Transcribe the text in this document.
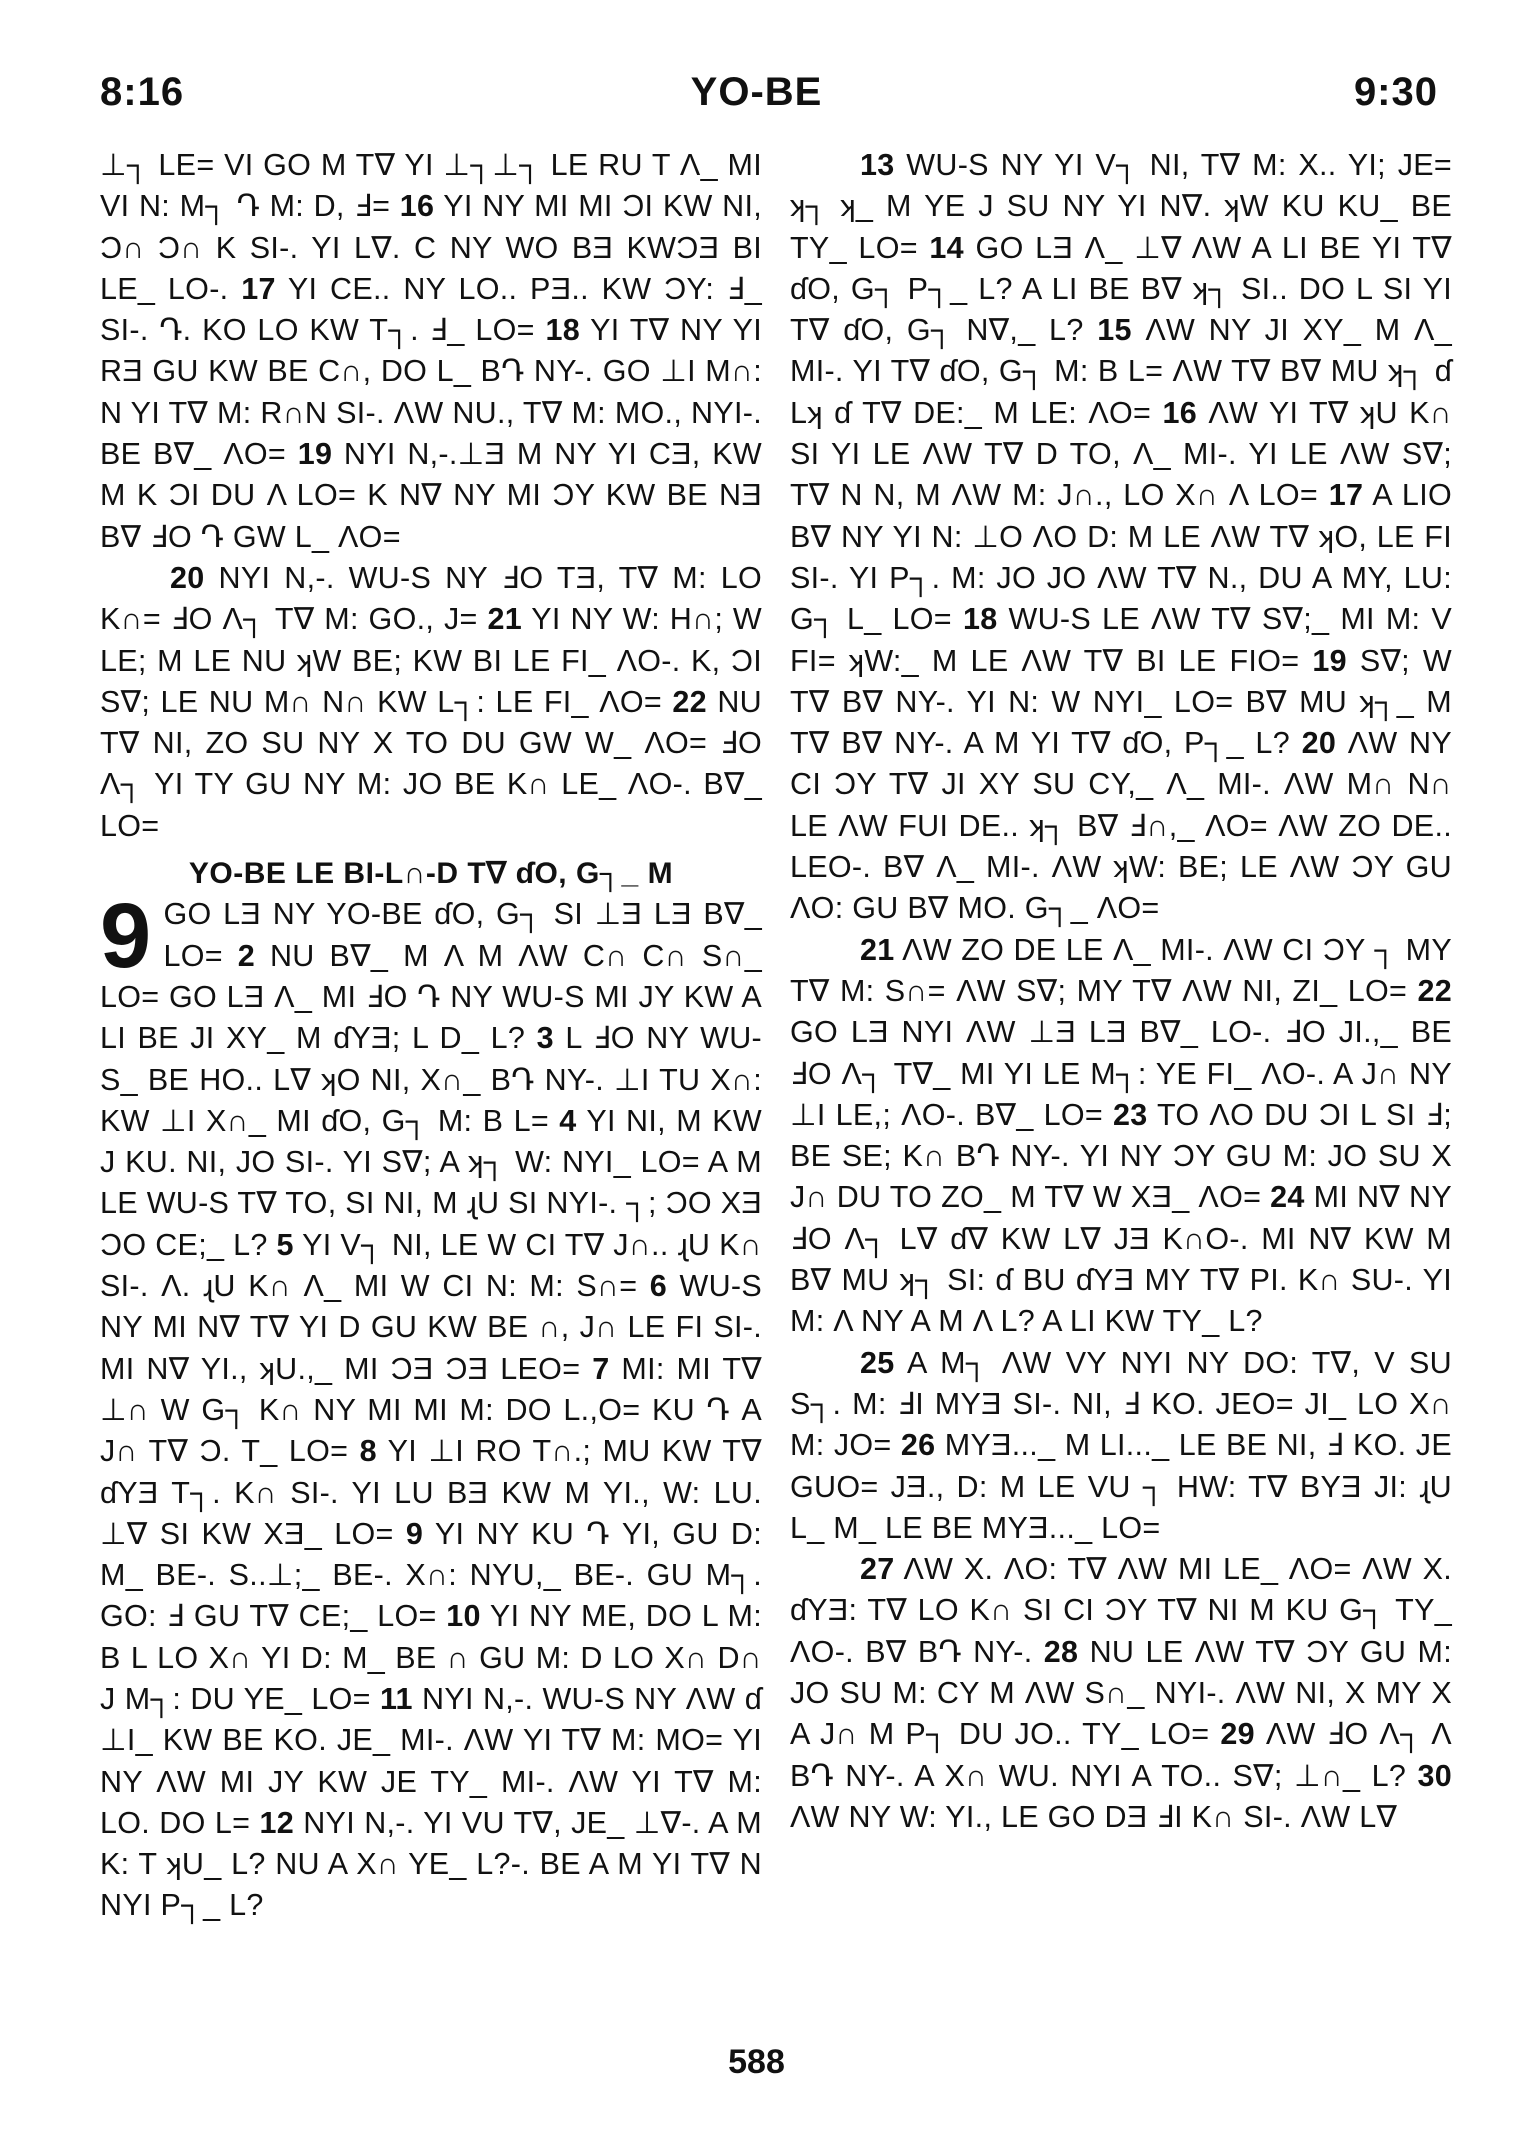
8:16	YO-BE	9:30

⊥┐ LE= VI GO M T∇ YI ⊥┐⊥┐ LE RU T Λ_ MI VI N: M┐ Դ M: D, Ⅎ= 16 YI NY MI MI ƆI KW NI, Ɔ∩ Ɔ∩ K SI-. YI L∇. C NY WO BƎ KWƆƎ BI LE_ LO-. 17 YI CE.. NY LO.. PƎ.. KW ƆY: Ⅎ_ SI-. Դ. KO LO KW T┐. Ⅎ_ LO= 18 YI T∇ NY YI RƎ GU KW BE C∩, DO L_ BԴ NY-. GO ⊥I M∩: N YI T∇ M: R∩N SI-. ΛW NU., T∇ M: MO., NYI-. BE B∇_ ΛO= 19 NYI N,-.⊥Ǝ M NY YI CƎ, KW M K ƆI DU Λ LO= K N∇ NY MI ƆY KW BE NƎ B∇ ℲO Դ GW L_ ΛO=

20 NYI N,-. WU-S NY ℲO TƎ, T∇ M: LO K∩= ℲO Λ┐ T∇ M: GO., J= 21 YI NY W: H∩; W LE; M LE NU ʞW BE; KW BI LE FI_ ΛO-. K, ƆI S∇; LE NU M∩ N∩ KW L┐: LE FI_ ΛO= 22 NU T∇ NI, ZO SU NY X TO DU GW W_ ΛO= ℲO Λ┐ YI TY GU NY M: JO BE K∩ LE_ ΛO-. B∇_ LO=

YO-BE LE BI-L∩-D T∇ ɗO, G┐_ M

9 GO LƎ NY YO-BE ɗO, G┐ SI ⊥Ǝ LƎ B∇_ LO= 2 NU B∇_ M Λ M ΛW C∩ C∩ S∩_ LO= GO LƎ Λ_ MI ℲO Դ NY WU-S MI JY KW A LI BE JI XY_ M ɗYƎ; L D_ L? 3 L ℲO NY WU-S_ BE HO.. L∇ ʞO NI, X∩_ BԴ NY-. ⊥I TU X∩: KW ⊥I X∩_ MI ɗO, G┐ M: B L= 4 YI NI, M KW J KU. NI, JO SI-. YI S∇; A ʞ┐ W: NYI_ LO= A M LE WU-S T∇ TO, SI NI, M ɻU SI NYI-. ┐; ƆO XƎ ƆO CE;_ L? 5 YI V┐ NI, LE W CI T∇ J∩.. ɻU K∩ SI-. Λ. ɻU K∩ Λ_ MI W CI N: M: S∩= 6 WU-S NY MI N∇ T∇ YI D GU KW BE ∩, J∩ LE FI SI-. MI N∇ YI., ʞU.,_ MI ƆƎ ƆƎ LEO= 7 MI: MI T∇ ⊥∩ W G┐ K∩ NY MI MI M: DO L.,O= KU Դ A J∩ T∇ Ɔ. T_ LO= 8 YI ⊥I RO T∩.; MU KW T∇ ɗYƎ T┐. K∩ SI-. YI LU BƎ KW M YI., W: LU. ⊥∇ SI KW XƎ_ LO= 9 YI NY KU Դ YI, GU D: M_ BE-. S..⊥;_ BE-. X∩: NYU,_ BE-. GU M┐. GO: Ⅎ GU T∇ CE;_ LO= 10 YI NY ME, DO L M: B L LO X∩ YI D: M_ BE ∩ GU M: D LO X∩ D∩ J M┐: DU YE_ LO= 11 NYI N,-. WU-S NY ΛW ɗ ⊥I_ KW BE KO. JE_ MI-. ΛW YI T∇ M: MO= YI NY ΛW MI JY KW JE TY_ MI-. ΛW YI T∇ M: LO. DO L= 12 NYI N,-. YI VU T∇, JE_ ⊥∇-. A M K: T ʞU_ L? NU A X∩ YE_ L?-. BE A M YI T∇ N NYI P┐_ L?

13 WU-S NY YI V┐ NI, T∇ M: X.. YI; JE= ʞ┐ ʞ_ M YE J SU NY YI N∇. ʞW KU KU_ BE TY_ LO= 14 GO LƎ Λ_ ⊥∇ ΛW A LI BE YI T∇ ɗO, G┐ P┐_ L? A LI BE B∇ ʞ┐ SI.. DO L SI YI T∇ ɗO, G┐ N∇,_ L? 15 ΛW NY JI XY_ M Λ_ MI-. YI T∇ ɗO, G┐ M: B L= ΛW T∇ B∇ MU ʞ┐ ɗ Lʞ ɗ T∇ DE:_ M LE: ΛO= 16 ΛW YI T∇ ʞU K∩ SI YI LE ΛW T∇ D TO, Λ_ MI-. YI LE ΛW S∇; T∇ N N, M ΛW M: J∩., LO X∩ Λ LO= 17 A LIO B∇ NY YI N: ⊥O ΛO D: M LE ΛW T∇ ʞO, LE FI SI-. YI P┐. M: JO JO ΛW T∇ N., DU A MY, LU: G┐ L_ LO= 18 WU-S LE ΛW T∇ S∇;_ MI M: V FI= ʞW:_ M LE ΛW T∇ BI LE FIO= 19 S∇; W T∇ B∇ NY-. YI N: W NYI_ LO= B∇ MU ʞ┐_ M T∇ B∇ NY-. A M YI T∇ ɗO, P┐_ L? 20 ΛW NY CI ƆY T∇ JI XY SU CY,_ Λ_ MI-. ΛW M∩ N∩ LE ΛW FUI DE.. ʞ┐ B∇ Ⅎ∩,_ ΛO= ΛW ZO DE.. LEO-. B∇ Λ_ MI-. ΛW ʞW: BE; LE ΛW ƆY GU ΛO: GU B∇ MO. G┐_ ΛO=

21 ΛW ZO DE LE Λ_ MI-. ΛW CI ƆY ┐ MY T∇ M: S∩= ΛW S∇; MY T∇ ΛW NI, ZI_ LO= 22 GO LƎ NYI ΛW ⊥Ǝ LƎ B∇_ LO-. ℲO JI.,_ BE ℲO Λ┐ T∇_ MI YI LE M┐: YE FI_ ΛO-. A J∩ NY ⊥I LE,; ΛO-. B∇_ LO= 23 TO ΛO DU ƆI L SI Ⅎ; BE SE; K∩ BԴ NY-. YI NY ƆY GU M: JO SU X J∩ DU TO ZO_ M T∇ W XƎ_ ΛO= 24 MI N∇ NY ℲO Λ┐ L∇ ɗ∇ KW L∇ JƎ K∩O-. MI N∇ KW M B∇ MU ʞ┐ SI: ɗ BU ɗYƎ MY T∇ PI. K∩ SU-. YI M: Λ NY A M Λ L? A LI KW TY_ L?

25 A M┐ ΛW VY NYI NY DO: T∇, V SU S┐. M: ℲI MYƎ SI-. NI, Ⅎ KO. JEO= JI_ LO X∩ M: JO= 26 MYƎ..._ M LI..._ LE BE NI, Ⅎ KO. JE GUO= JƎ., D: M LE VU ┐ HW: T∇ BYƎ JI: ɻU L_ M_ LE BE MYƎ..._ LO=

27 ΛW X. ΛO: T∇ ΛW MI LE_ ΛO= ΛW X. ɗYƎ: T∇ LO K∩ SI CI ƆY T∇ NI M KU G┐ TY_ ΛO-. B∇ BԴ NY-. 28 NU LE ΛW T∇ ƆY GU M: JO SU M: CY M ΛW S∩_ NYI-. ΛW NI, X MY X A J∩ M P┐ DU JO.. TY_ LO= 29 ΛW ℲO Λ┐ Λ BԴ NY-. A X∩ WU. NYI A TO.. S∇; ⊥∩_ L? 30 ΛW NY W: YI., LE GO DƎ ℲI K∩ SI-. ΛW L∇

588
